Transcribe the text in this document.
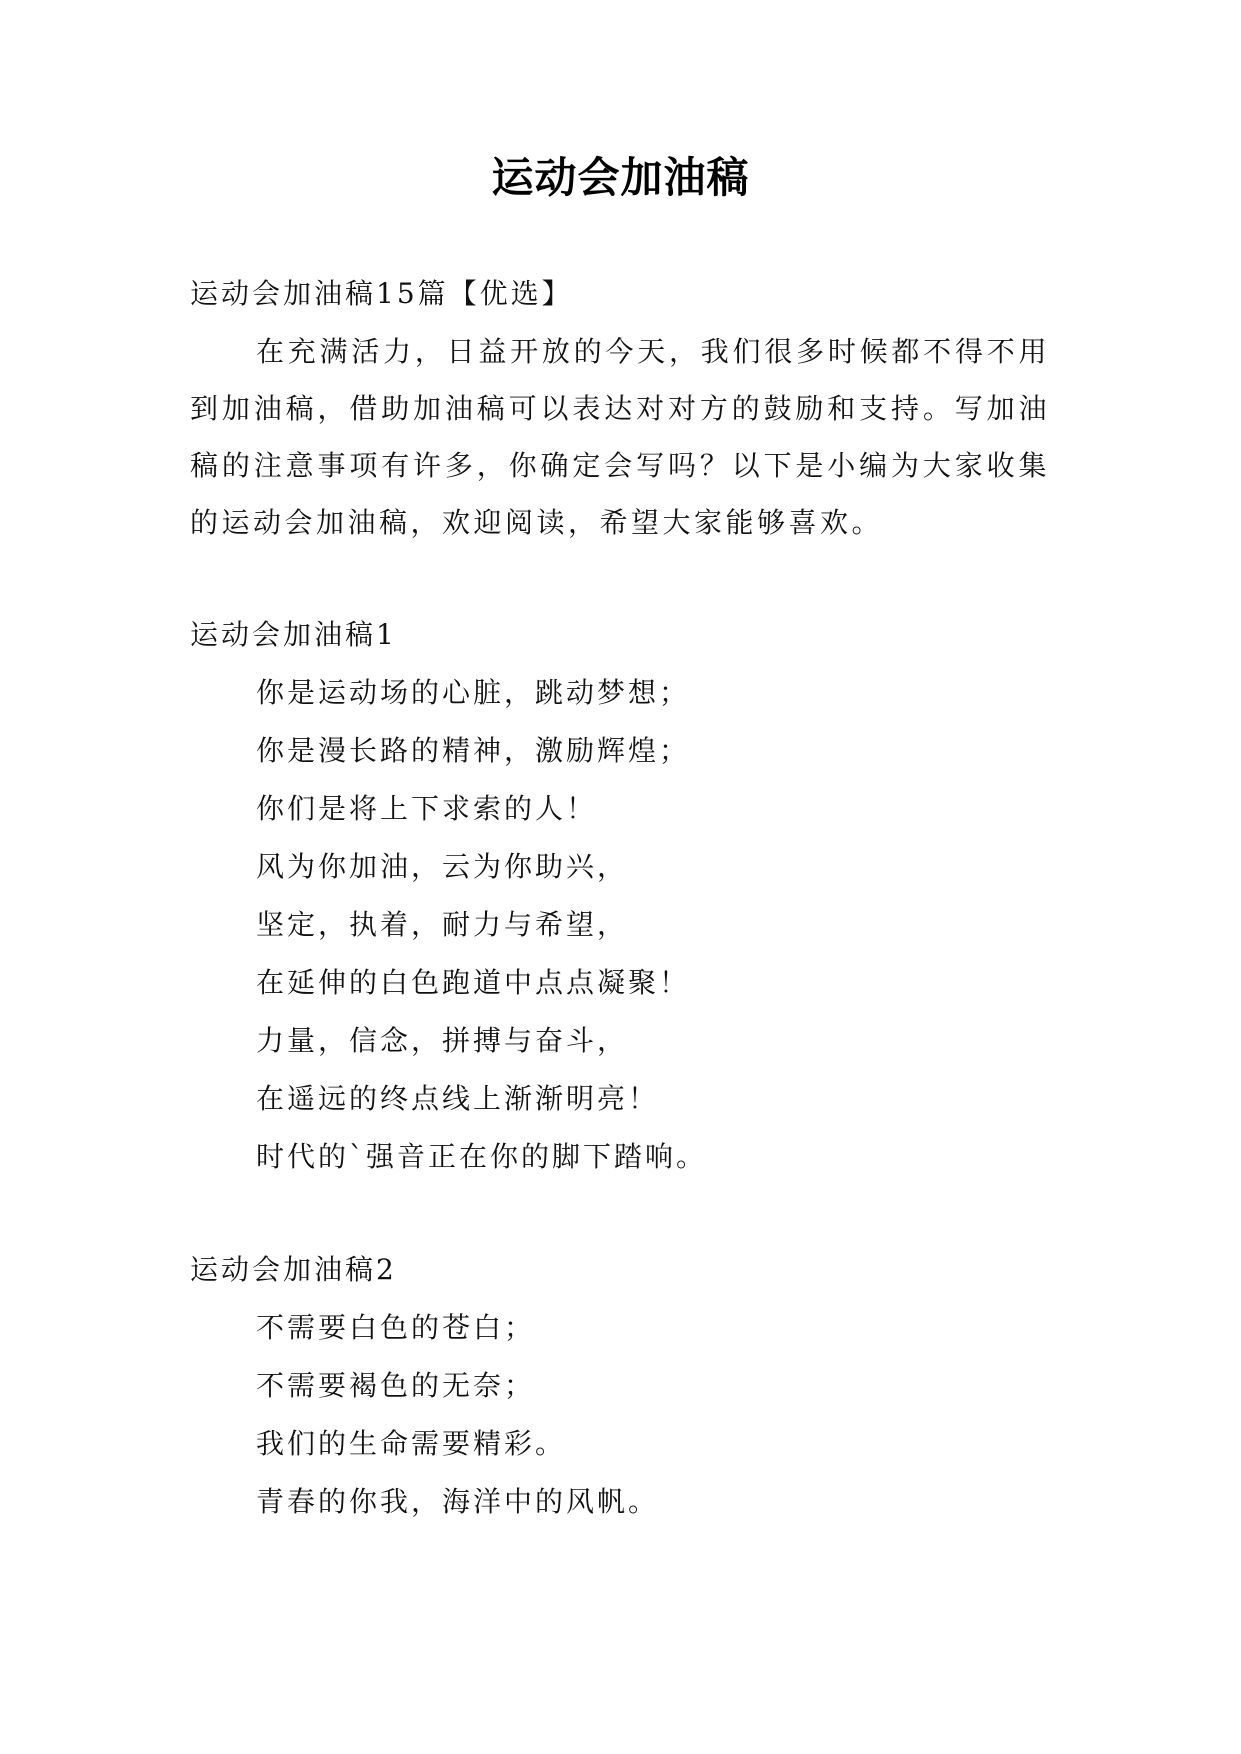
运动会加油稿
运动会加油稿15篇【优选】
在充满活力，日益开放的今天，我们很多时候都不得不用到加油稿，借助加油稿可以表达对对方的鼓励和支持。写加油稿的注意事项有许多，你确定会写吗？以下是小编为大家收集的运动会加油稿，欢迎阅读，希望大家能够喜欢。
运动会加油稿1
你是运动场的心脏，跳动梦想；
你是漫长路的精神，激励辉煌；
你们是将上下求索的人！
风为你加油，云为你助兴，
坚定，执着，耐力与希望，
在延伸的白色跑道中点点凝聚！
力量，信念，拼搏与奋斗，
在遥远的终点线上渐渐明亮！
时代的`强音正在你的脚下踏响。
运动会加油稿2
不需要白色的苍白；
不需要褐色的无奈；
我们的生命需要精彩。
青春的你我，海洋中的风帆。
